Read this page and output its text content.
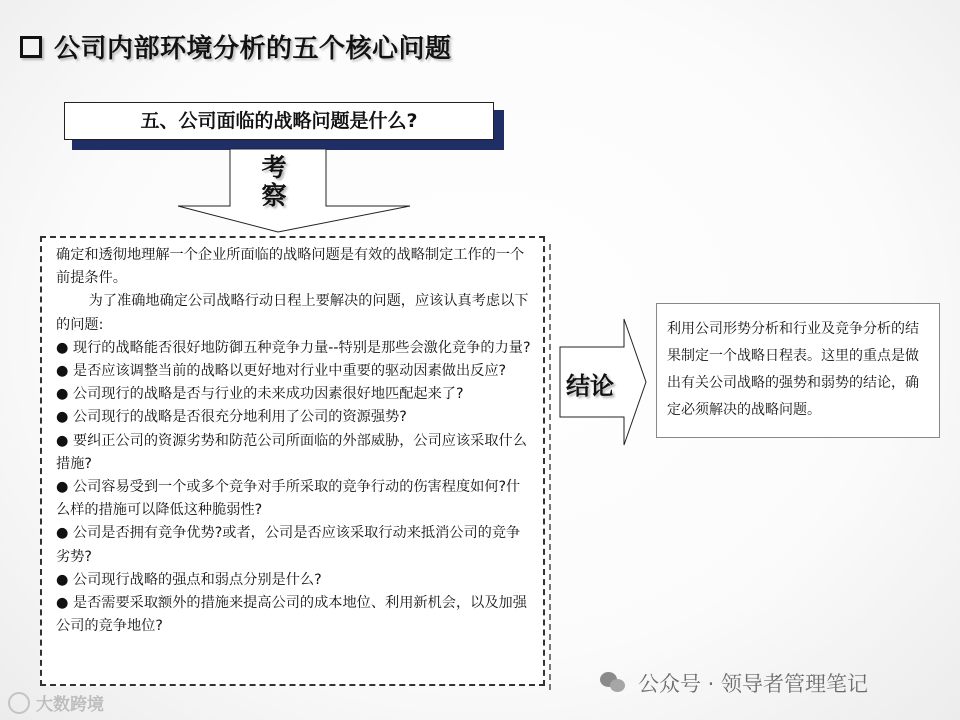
公司内部环境分析的五个核心问题
五、公司面临的战略问题是什么?
考
察

确定和透彻地理解一个企业所面临的战略问题是有效的战略制定工作的一个前提条件。

为了准确地确定公司战略行动日程上要解决的问题，应该认真考虑以下的问题:

● 现行的战略能否很好地防御五种竞争力量--特别是那些会激化竞争的力量?

● 是否应该调整当前的战略以更好地对行业中重要的驱动因素做出反应?

● 公司现行的战略是否与行业的未来成功因素很好地匹配起来了?

● 公司现行的战略是否很充分地利用了公司的资源强势?

● 要纠正公司的资源劣势和防范公司所面临的外部威胁，公司应该采取什么措施?

● 公司容易受到一个或多个竞争对手所采取的竞争行动的伤害程度如何?什么样的措施可以降低这种脆弱性?

● 公司是否拥有竞争优势?或者，公司是否应该采取行动来抵消公司的竞争劣势?

● 公司现行战略的强点和弱点分别是什么?

● 是否需要采取额外的措施来提高公司的成本地位、利用新机会，以及加强公司的竞争地位?

结论
利用公司形势分析和行业及竞争分析的结果制定一个战略日程表。这里的重点是做出有关公司战略的强势和弱势的结论，确定必须解决的战略问题。
大数跨境
公众号 · 领导者管理笔记
